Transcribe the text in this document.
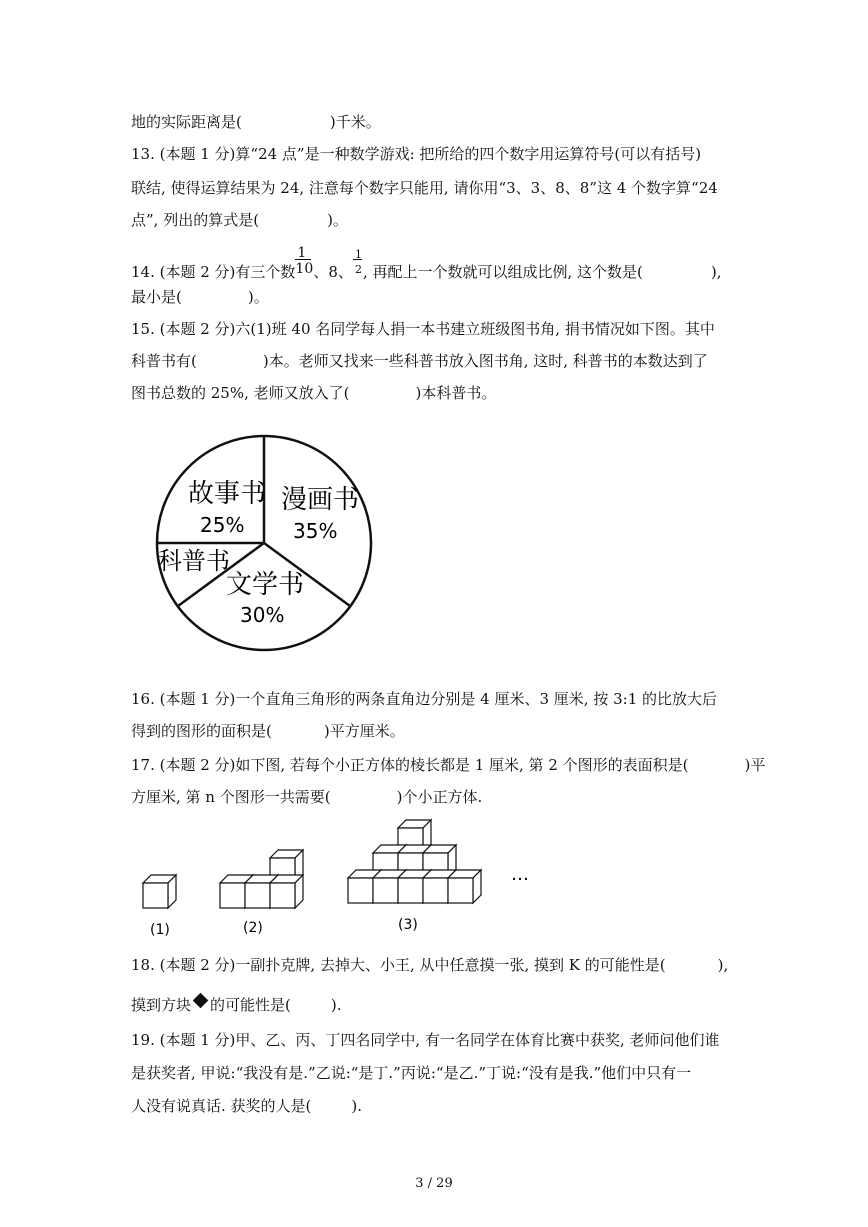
地的实际距离是(	)千米。
13. (本题 1 分)算“24 点”是一种数学游戏: 把所给的四个数字用运算符号(可以有括号)
联结, 使得运算结果为 24, 注意每个数字只能用, 请你用“3、3、8、8”这 4 个数字算“24
点”, 列出的算式是(	)。
14. (本题 2 分)有三个数 $\frac{1}{10}$ 、8、 $\frac{1}{2}$ , 再配上一个数就可以组成比例, 这个数是(	),
最小是(	)。
15. (本题 2 分)六(1)班 40 名同学每人捐一本书建立班级图书角, 捐书情况如下图。其中
科普书有(	)本。老师又找来一些科普书放入图书角, 这时, 科普书的本数达到了
图书总数的 25%, 老师又放入了(	)本科普书。
故事书
25%
漫画书
35%
文学书
30%
科普书
16. (本题 1 分)一个直角三角形的两条直角边分别是 4 厘米、3 厘米, 按 3:1 的比放大后
得到的图形的面积是(	)平方厘米。
17. (本题 2 分)如下图, 若每个小正方体的棱长都是 1 厘米, 第 2 个图形的表面积是(	)平
方厘米, 第 n 个图形一共需要(	)个小正方体.
(1)	(2)	(3)
…
18. (本题 2 分)一副扑克牌, 去掉大、小王, 从中任意摸一张, 摸到 K 的可能性是(	),
摸到方块 的可能性是(	).
19. (本题 1 分)甲、乙、丙、丁四名同学中, 有一名同学在体育比赛中获奖, 老师问他们谁
是获奖者, 甲说:“我没有是.”乙说:“是丁.”丙说:“是乙.”丁说:“没有是我.”他们中只有一
人没有说真话. 获奖的人是(	).
3 / 29
